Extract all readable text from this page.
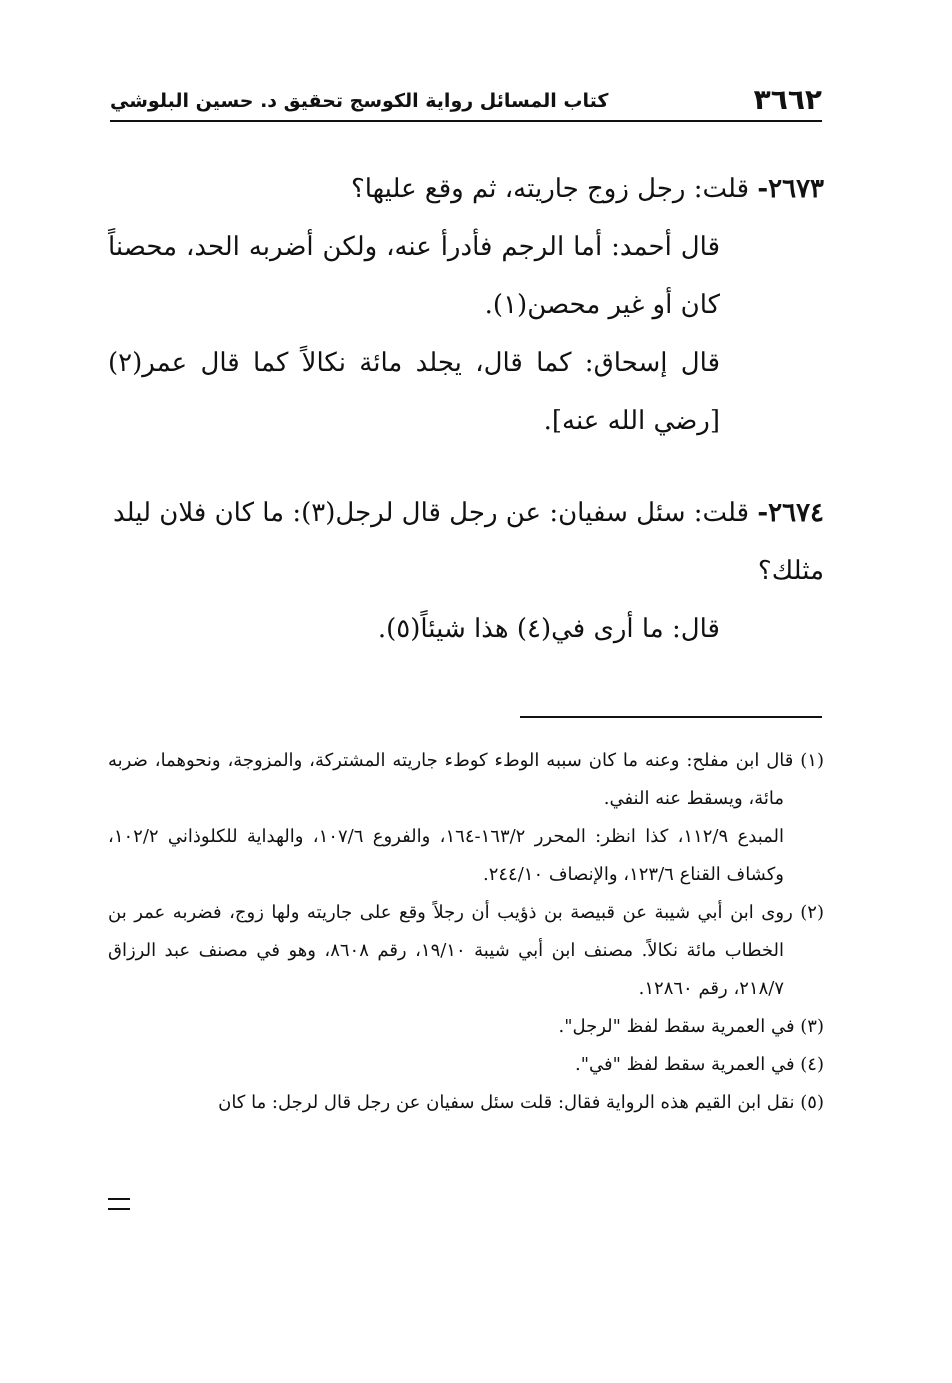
٣٦٦٢
كتاب المسائل رواية الكوسج تحقيق د. حسين البلوشي

٢٦٧٣- قلت: رجل زوج جاريته، ثم وقع عليها؟

قال أحمد: أما الرجم فأدرأ عنه، ولكن أضربه الحد، محصناً كان أو غير محصن(١).

قال إسحاق: كما قال، يجلد مائة نكالاً كما قال عمر(٢) [رضي الله عنه].

٢٦٧٤- قلت: سئل سفيان: عن رجل قال لرجل(٣): ما كان فلان ليلد مثلك؟

قال: ما أرى في(٤) هذا شيئاً(٥).

(١) قال ابن مفلح: وعنه ما كان سببه الوطء كوطء جاريته المشتركة، والمزوجة، ونحوهما، ضربه مائة، ويسقط عنه النفي.

المبدع ١١٢/٩، كذا انظر: المحرر ١٦٣/٢-١٦٤، والفروع ١٠٧/٦، والهداية للكلوذاني ١٠٢/٢، وكشاف القناع ١٢٣/٦، والإنصاف ٢٤٤/١٠.

(٢) روى ابن أبي شيبة عن قبيصة بن ذؤيب أن رجلاً وقع على جاريته ولها زوج، فضربه عمر بن الخطاب مائة نكالاً. مصنف ابن أبي شيبة ١٩/١٠، رقم ٨٦٠٨، وهو في مصنف عبد الرزاق ٢١٨/٧، رقم ١٢٨٦٠.

(٣) في العمرية سقط لفظ "لرجل".

(٤) في العمرية سقط لفظ "في".

(٥) نقل ابن القيم هذه الرواية فقال: قلت سئل سفيان عن رجل قال لرجل: ما كان
